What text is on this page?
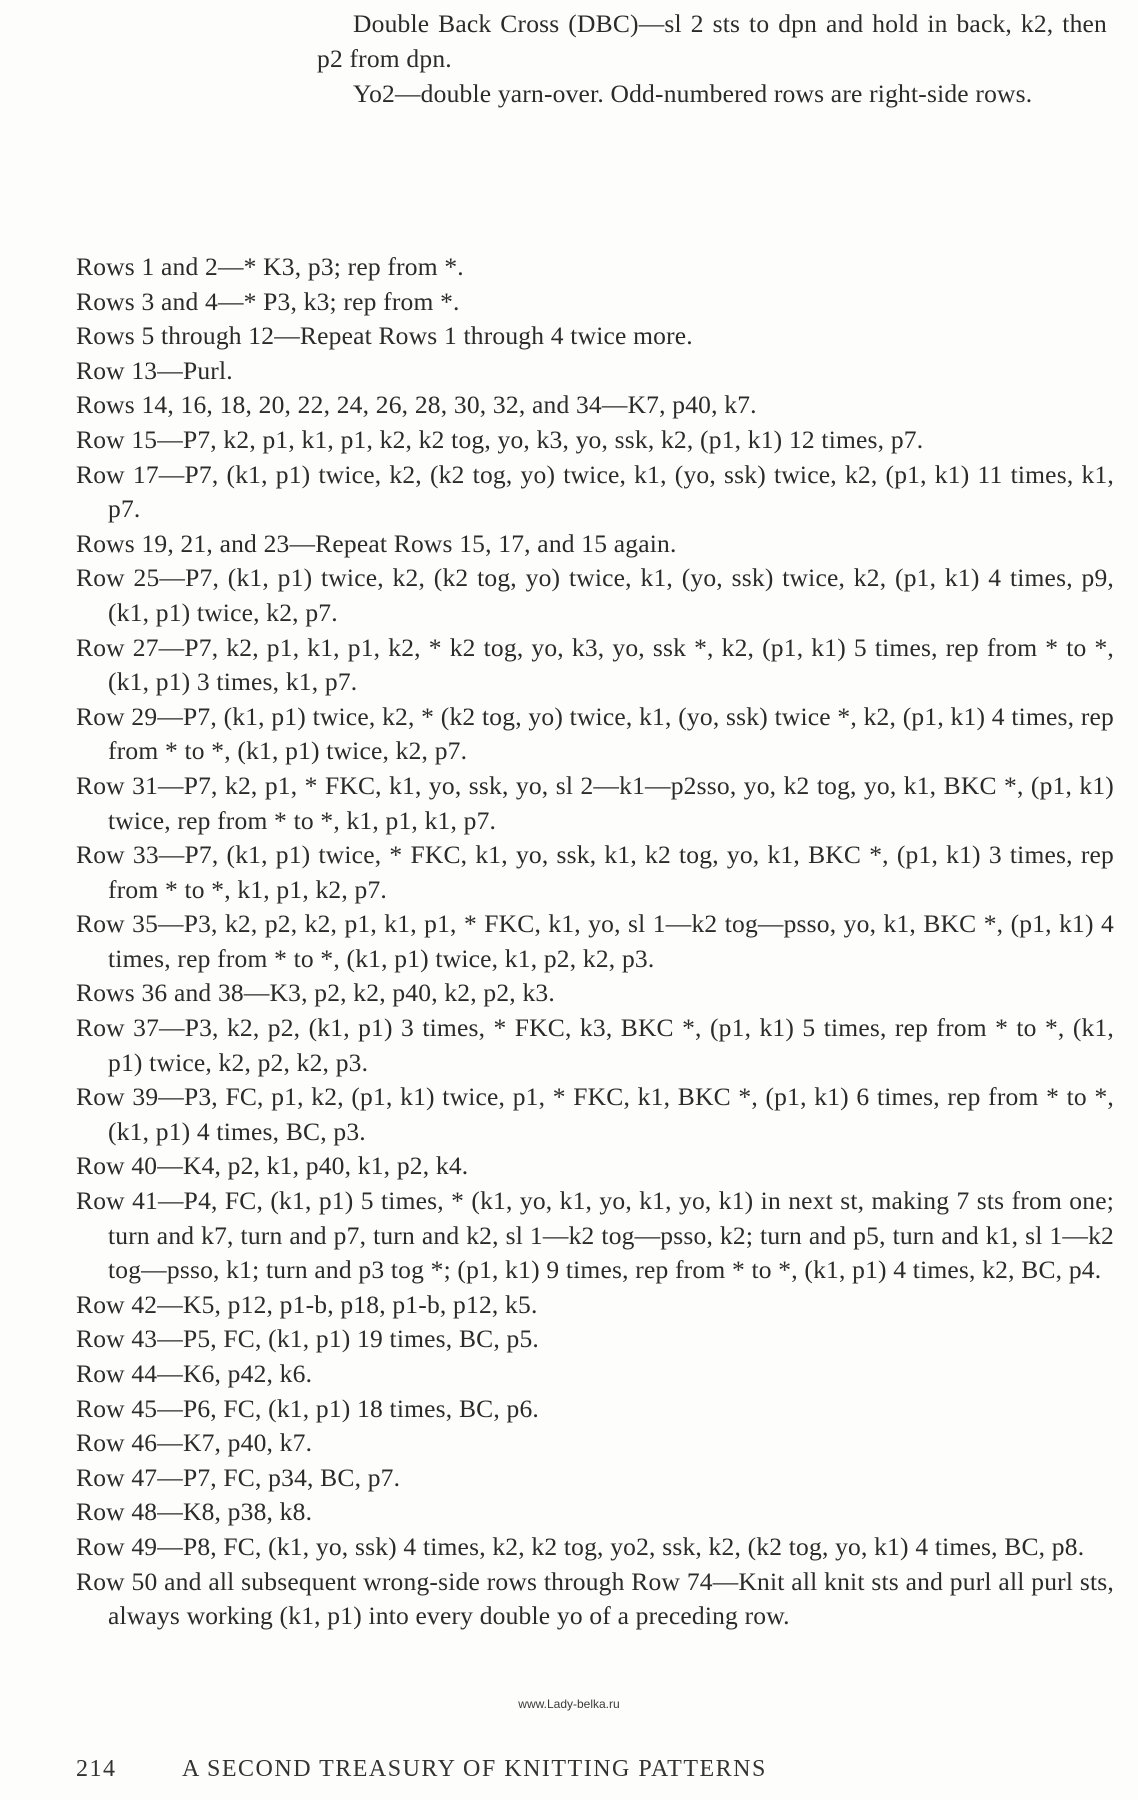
Double Back Cross (DBC)—sl 2 sts to dpn and hold in back, k2, then p2 from dpn.

Yo2—double yarn-over. Odd-numbered rows are right-side rows.

Rows 1 and 2—* K3, p3; rep from *.

Rows 3 and 4—* P3, k3; rep from *.

Rows 5 through 12—Repeat Rows 1 through 4 twice more.

Row 13—Purl.

Rows 14, 16, 18, 20, 22, 24, 26, 28, 30, 32, and 34—K7, p40, k7.

Row 15—P7, k2, p1, k1, p1, k2, k2 tog, yo, k3, yo, ssk, k2, (p1, k1) 12 times, p7.

Row 17—P7, (k1, p1) twice, k2, (k2 tog, yo) twice, k1, (yo, ssk) twice, k2, (p1, k1) 11 times, k1, p7.

Rows 19, 21, and 23—Repeat Rows 15, 17, and 15 again.

Row 25—P7, (k1, p1) twice, k2, (k2 tog, yo) twice, k1, (yo, ssk) twice, k2, (p1, k1) 4 times, p9, (k1, p1) twice, k2, p7.

Row 27—P7, k2, p1, k1, p1, k2, * k2 tog, yo, k3, yo, ssk *, k2, (p1, k1) 5 times, rep from * to *, (k1, p1) 3 times, k1, p7.

Row 29—P7, (k1, p1) twice, k2, * (k2 tog, yo) twice, k1, (yo, ssk) twice *, k2, (p1, k1) 4 times, rep from * to *, (k1, p1) twice, k2, p7.

Row 31—P7, k2, p1, * FKC, k1, yo, ssk, yo, sl 2—k1—p2sso, yo, k2 tog, yo, k1, BKC *, (p1, k1) twice, rep from * to *, k1, p1, k1, p7.

Row 33—P7, (k1, p1) twice, * FKC, k1, yo, ssk, k1, k2 tog, yo, k1, BKC *, (p1, k1) 3 times, rep from * to *, k1, p1, k2, p7.

Row 35—P3, k2, p2, k2, p1, k1, p1, * FKC, k1, yo, sl 1—k2 tog—psso, yo, k1, BKC *, (p1, k1) 4 times, rep from * to *, (k1, p1) twice, k1, p2, k2, p3.

Rows 36 and 38—K3, p2, k2, p40, k2, p2, k3.

Row 37—P3, k2, p2, (k1, p1) 3 times, * FKC, k3, BKC *, (p1, k1) 5 times, rep from * to *, (k1, p1) twice, k2, p2, k2, p3.

Row 39—P3, FC, p1, k2, (p1, k1) twice, p1, * FKC, k1, BKC *, (p1, k1) 6 times, rep from * to *, (k1, p1) 4 times, BC, p3.

Row 40—K4, p2, k1, p40, k1, p2, k4.

Row 41—P4, FC, (k1, p1) 5 times, * (k1, yo, k1, yo, k1, yo, k1) in next st, making 7 sts from one; turn and k7, turn and p7, turn and k2, sl 1—k2 tog—psso, k2; turn and p5, turn and k1, sl 1—k2 tog—psso, k1; turn and p3 tog *; (p1, k1) 9 times, rep from * to *, (k1, p1) 4 times, k2, BC, p4.

Row 42—K5, p12, p1-b, p18, p1-b, p12, k5.

Row 43—P5, FC, (k1, p1) 19 times, BC, p5.

Row 44—K6, p42, k6.

Row 45—P6, FC, (k1, p1) 18 times, BC, p6.

Row 46—K7, p40, k7.

Row 47—P7, FC, p34, BC, p7.

Row 48—K8, p38, k8.

Row 49—P8, FC, (k1, yo, ssk) 4 times, k2, k2 tog, yo2, ssk, k2, (k2 tog, yo, k1) 4 times, BC, p8.

Row 50 and all subsequent wrong-side rows through Row 74—Knit all knit sts and purl all purl sts, always working (k1, p1) into every double yo of a preceding row.

www.Lady-belka.ru
214	A SECOND TREASURY OF KNITTING PATTERNS
